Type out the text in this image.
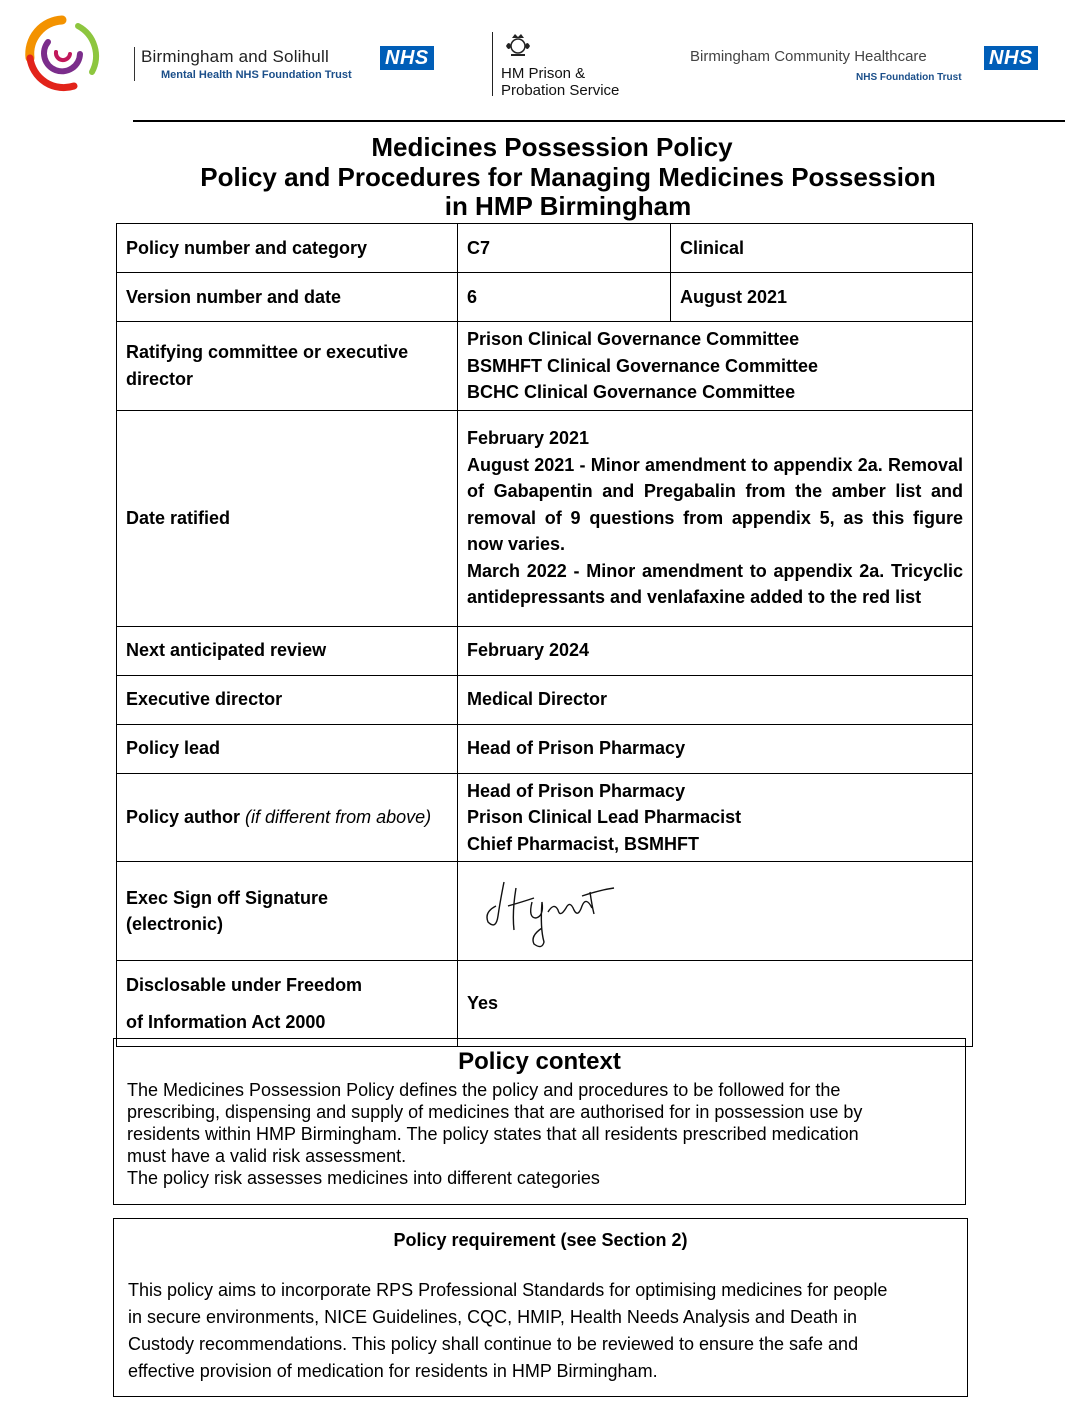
Birmingham and Solihull
Mental Health NHS Foundation Trust
NHS
HM Prison &
Probation Service
Birmingham Community Healthcare
NHS Foundation Trust
NHS
Medicines Possession Policy
Policy and Procedures for Managing Medicines Possession
in HMP Birmingham
Policy number and category	C7	Clinical
Version number and date	6	August 2021
Ratifying committee or executive director	Prison Clinical Governance Committee
BSMHFT Clinical Governance Committee
BCHC Clinical Governance Committee	

Date ratified	February 2021
August 2021 - Minor amendment to appendix 2a. Removal of Gabapentin and Pregabalin from the amber list and removal of 9 questions from appendix 5, as this figure now varies.
March 2022 - Minor amendment to appendix 2a. Tricyclic antidepressants and venlafaxine added to the red list	

Next anticipated review	February 2024	
Executive director	Medical Director	
Policy lead	Head of Prison Pharmacy	
Policy author (if different from above)	Head of Prison Pharmacy
Prison Clinical Lead Pharmacist
Chief Pharmacist, BSMHFT	

Exec Sign off Signature
(electronic)

Disclosable under Freedom
of Information Act 2000	Yes	
Policy context
The Medicines Possession Policy defines the policy and procedures to be followed for the
prescribing, dispensing and supply of medicines that are authorised for in possession use by
residents within HMP Birmingham. The policy states that all residents prescribed medication
must have a valid risk assessment.
The policy risk assesses medicines into different categories
Policy requirement (see Section 2)
This policy aims to incorporate RPS Professional Standards for optimising medicines for people
in secure environments, NICE Guidelines, CQC, HMIP, Health Needs Analysis and Death in
Custody recommendations. This policy shall continue to be reviewed to ensure the safe and
effective provision of medication for residents in HMP Birmingham.
